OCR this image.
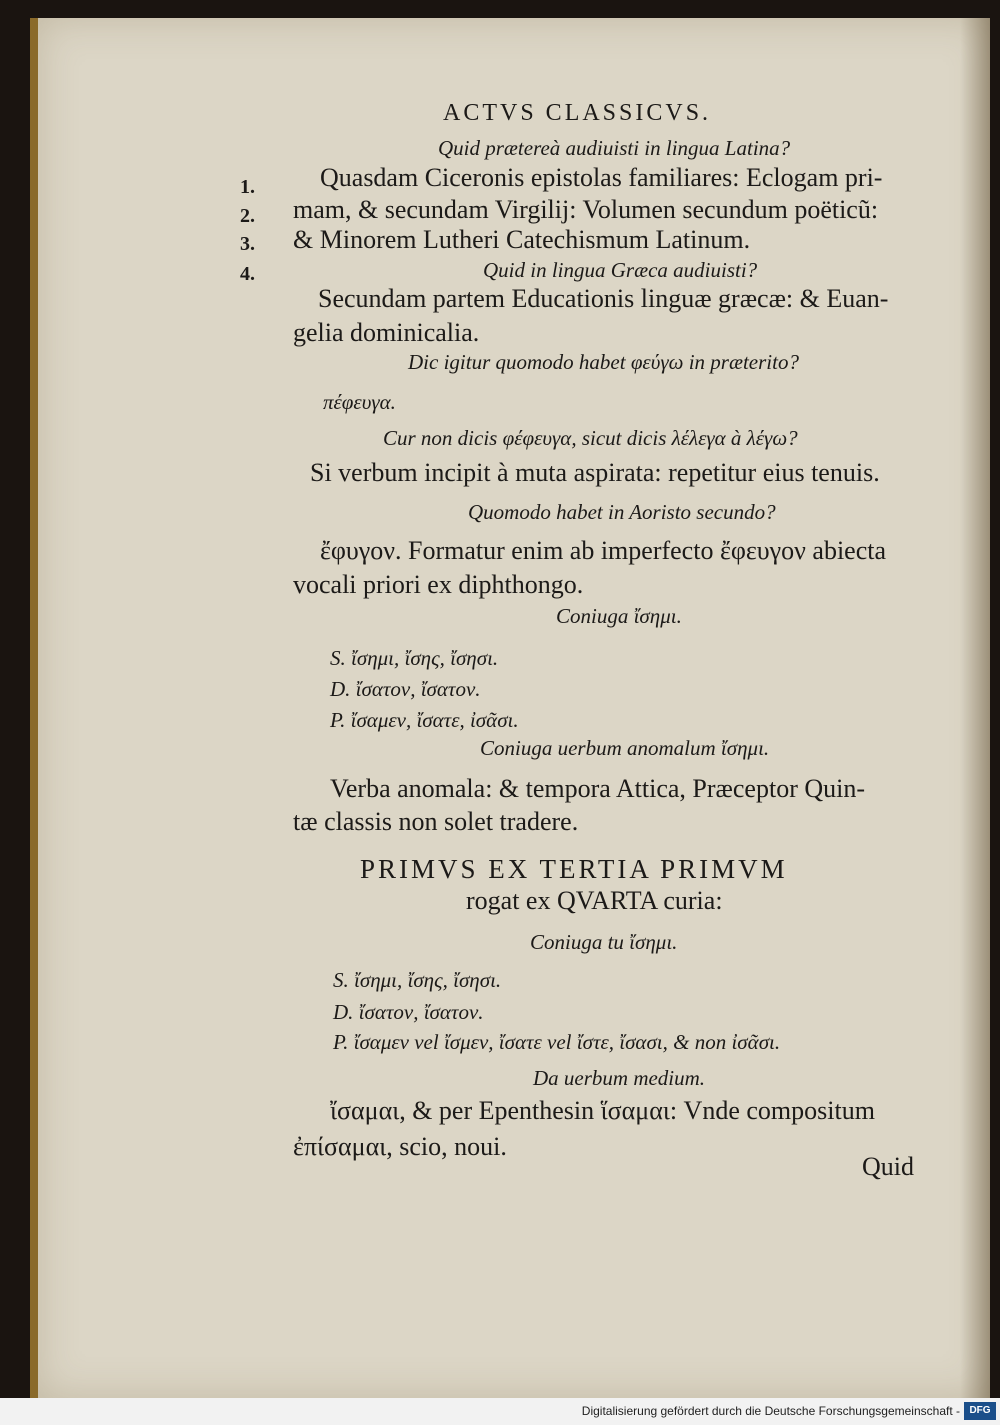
ACTVS CLASSICVS.
1.
2.
3.
4.
Quid prætereà audiuisti in lingua Latina?
Quasdam Ciceronis epistolas familiares: Eclogam pri-
mam, & secundam Virgilij: Volumen secundum poëticũ:
& Minorem Lutheri Catechismum Latinum.
Quid in lingua Græca audiuisti?
Secundam partem Educationis linguæ græcæ: & Euan-
gelia dominicalia.
Dic igitur quomodo habet φεύγω in præterito?
πέφευγα.
Cur non dicis φέφευγα, sicut dicis λέλεγα à λέγω?
Si verbum incipit à muta aspirata: repetitur eius tenuis.
Quomodo habet in Aoristo secundo?
ἔφυγον. Formatur enim ab imperfecto ἔφευγον abiecta
vocali priori ex diphthongo.
Coniuga ἴσημι.
S. ἴσημι, ἴσης, ἴσησι.
D. ἴσατον, ἴσατον.
P. ἴσαμεν, ἴσατε, ἰσᾶσι.
Coniuga uerbum anomalum ἴσημι.
Verba anomala: & tempora Attica, Præceptor Quin-
tæ classis non solet tradere.
PRIMVS EX TERTIA PRIMVM
rogat ex QVARTA curia:
Coniuga tu ἴσημι.
S. ἴσημι, ἴσης, ἴσησι.
D. ἴσατον, ἴσατον.
P. ἴσαμεν vel ἴσμεν, ἴσατε vel ἴστε, ἴσασι, & non ἰσᾶσι.
Da uerbum medium.
ἴσαμαι, & per Epenthesin ἵσαμαι: Vnde compositum
ἐπίσαμαι, scio, noui.
Quid
Digitalisierung gefördert durch die Deutsche Forschungsgemeinschaft - DFG
